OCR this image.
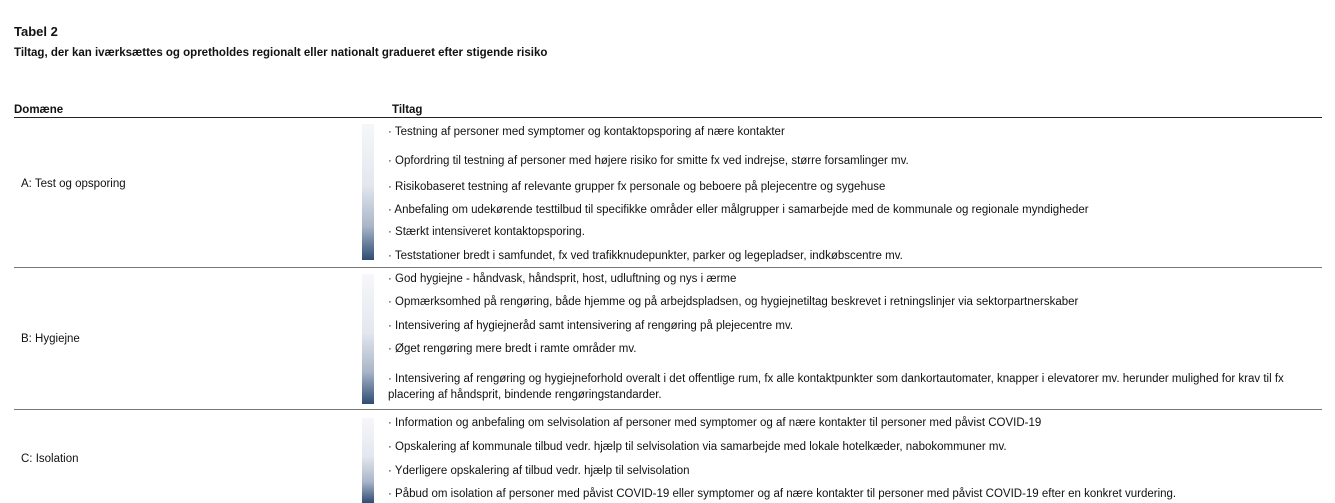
Tabel 2
Tiltag, der kan iværksættes og opretholdes regionalt eller nationalt gradueret efter stigende risiko
Domæne	Tiltag
A: Test og opsporing
· Testning af personer med symptomer og kontaktopsporing af nære kontakter
· Opfordring til testning af personer med højere risiko for smitte fx ved indrejse, større forsamlinger mv.
· Risikobaseret testning af relevante grupper fx personale og beboere på plejecentre og sygehuse
· Anbefaling om udekørende testtilbud til specifikke områder eller målgrupper i samarbejde med de kommunale og regionale myndigheder
· Stærkt intensiveret kontaktopsporing.
· Teststationer bredt i samfundet, fx ved trafikknudepunkter, parker og legepladser, indkøbscentre mv.
B: Hygiejne
· God hygiejne - håndvask, håndsprit, host, udluftning og nys i ærme
· Opmærksomhed på rengøring, både hjemme og på arbejdspladsen, og hygiejnetiltag beskrevet i retningslinjer via sektorpartnerskaber
· Intensivering af hygiejneråd samt intensivering af rengøring på plejecentre mv.
· Øget rengøring mere bredt i ramte områder mv.
· Intensivering af rengøring og hygiejneforhold overalt i det offentlige rum, fx alle kontaktpunkter som dankortautomater, knapper i elevatorer mv. herunder mulighed for krav til fx placering af håndsprit, bindende rengøringstandarder.
C: Isolation
· Information og anbefaling om selvisolation af personer med symptomer og af nære kontakter til personer med påvist COVID-19
· Opskalering af kommunale tilbud vedr. hjælp til selvisolation via samarbejde med lokale hotelkæder, nabokommuner mv.
· Yderligere opskalering af tilbud vedr. hjælp til selvisolation
· Påbud om isolation af personer med påvist COVID-19 eller symptomer og af nære kontakter til personer med påvist COVID-19 efter en konkret vurdering.
